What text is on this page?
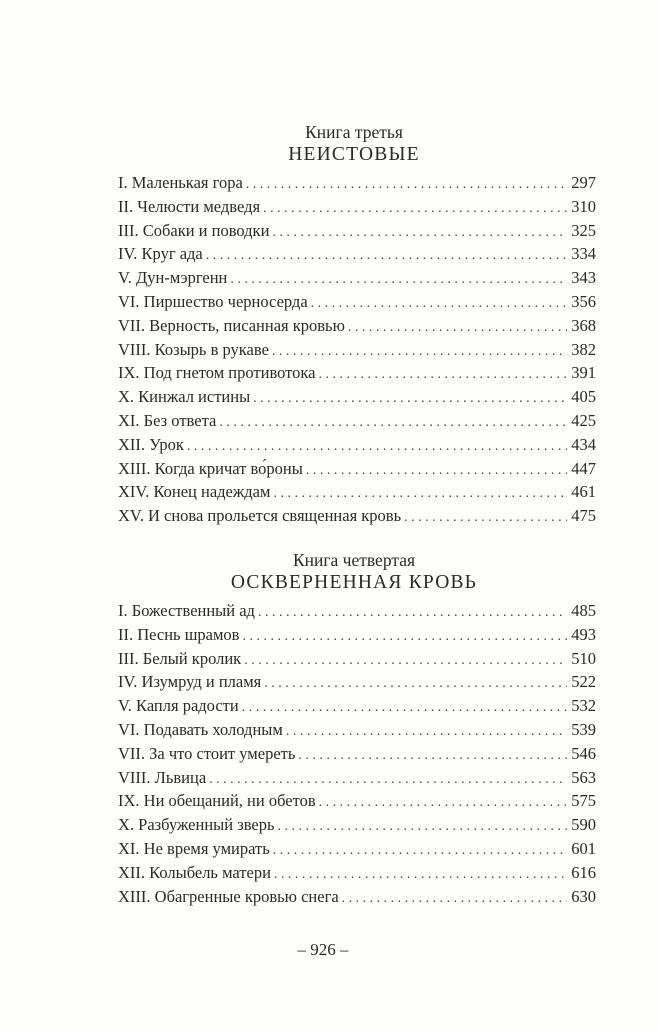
Книга третья
НЕИСТОВЫЕ
I. Маленькая гора . . .	297
II. Челюсти медведя . . .	310
III. Собаки и поводки . . .	325
IV. Круг ада . . .	334
V. Дун-мэргенн . . .	343
VI. Пиршество черносерда . . .	356
VII. Верность, писанная кровью . . .	368
VIII. Козырь в рукаве . . .	382
IX. Под гнетом противотока . . .	391
X. Кинжал истины . . .	405
XI. Без ответа . . .	425
XII. Урок . . .	434
XIII. Когда кричат во́роны . . .	447
XIV. Конец надеждам . . .	461
XV. И снова прольется священная кровь . . .	475
Книга четвертая
ОСКВЕРНЕННАЯ КРОВЬ
I. Божественный ад . . .	485
II. Песнь шрамов . . .	493
III. Белый кролик . . .	510
IV. Изумруд и пламя . . .	522
V. Капля радости . . .	532
VI. Подавать холодным . . .	539
VII. За что стоит умереть . . .	546
VIII. Львица . . .	563
IX. Ни обещаний, ни обетов . . .	575
X. Разбуженный зверь . . .	590
XI. Не время умирать . . .	601
XII. Колыбель матери . . .	616
XIII. Обагренные кровью снега . . .	630
– 926 –
